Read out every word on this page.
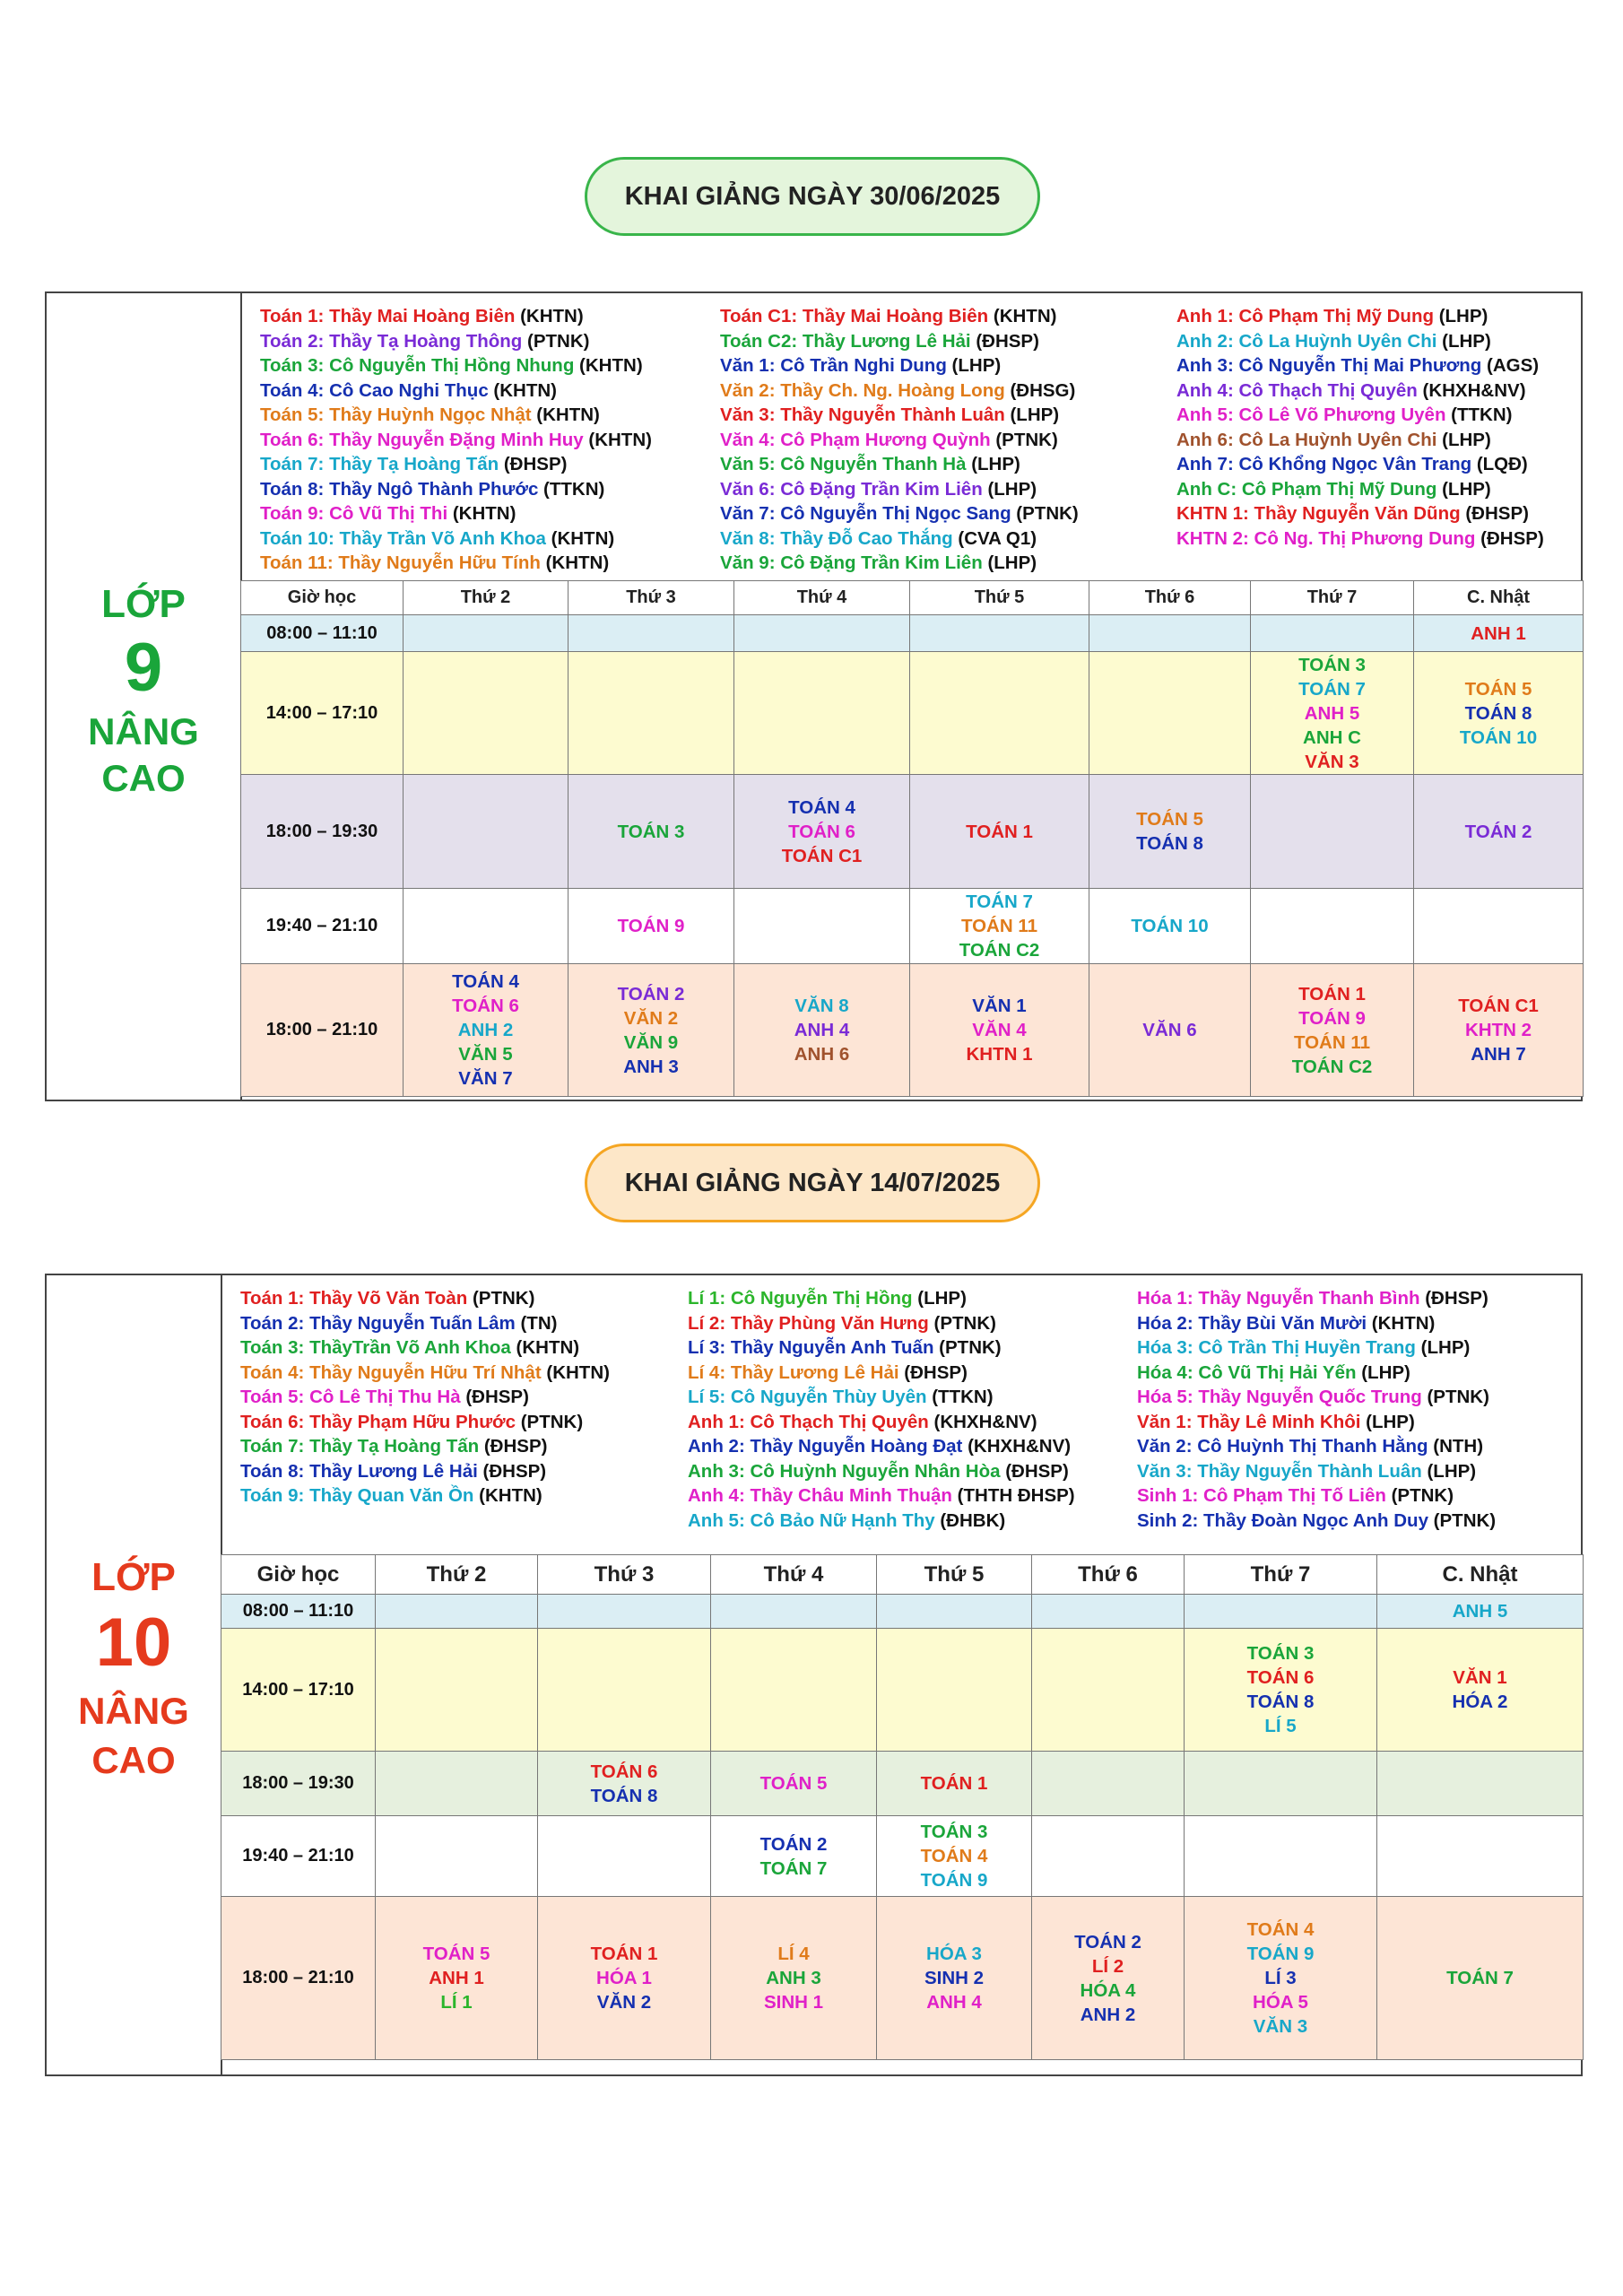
KHAI GIẢNG NGÀY 30/06/2025
LỚP
9
NÂNG
CAO
Toán 1: Thầy Mai Hoàng Biên (KHTN)
Toán 2: Thầy Tạ Hoàng Thông (PTNK)
Toán 3: Cô Nguyễn Thị Hồng Nhung (KHTN)
Toán 4: Cô Cao Nghi Thục (KHTN)
Toán 5: Thầy Huỳnh Ngọc Nhật (KHTN)
Toán 6: Thầy Nguyễn Đặng Minh Huy (KHTN)
Toán 7: Thầy Tạ Hoàng Tấn (ĐHSP)
Toán 8: Thầy Ngô Thành Phước (TTKN)
Toán 9: Cô Vũ Thị Thi (KHTN)
Toán 10: Thầy Trần Võ Anh Khoa (KHTN)
Toán 11: Thầy Nguyễn Hữu Tính (KHTN)
Toán C1: Thầy Mai Hoàng Biên (KHTN)
Toán C2: Thầy Lương Lê Hải (ĐHSP)
Văn 1: Cô Trần Nghi Dung (LHP)
Văn 2: Thầy Ch. Ng. Hoàng Long (ĐHSG)
Văn 3: Thầy Nguyễn Thành Luân (LHP)
Văn 4: Cô Phạm Hương Quỳnh (PTNK)
Văn 5: Cô Nguyễn Thanh Hà (LHP)
Văn 6: Cô Đặng Trần Kim Liên (LHP)
Văn 7: Cô Nguyễn Thị Ngọc Sang (PTNK)
Văn 8: Thầy Đỗ Cao Thắng (CVA Q1)
Văn 9: Cô Đặng Trần Kim Liên (LHP)
Anh 1: Cô Phạm Thị Mỹ Dung (LHP)
Anh 2: Cô La Huỳnh Uyên Chi (LHP)
Anh 3: Cô Nguyễn Thị Mai Phương (AGS)
Anh 4: Cô Thạch Thị Quyên (KHXH&NV)
Anh 5: Cô Lê Võ Phương Uyên (TTKN)
Anh 6: Cô La Huỳnh Uyên Chi (LHP)
Anh 7: Cô Khổng Ngọc Vân Trang (LQĐ)
Anh C: Cô Phạm Thị Mỹ Dung (LHP)
KHTN 1: Thầy Nguyễn Văn Dũng (ĐHSP)
KHTN 2: Cô Ng. Thị Phương Dung (ĐHSP)
Giờ học	Thứ 2	Thứ 3	Thứ 4	Thứ 5	Thứ 6	Thứ 7	C. Nhật
08:00 – 11:10							ANH 1

14:00 – 17:10						TOÁN 3
TOÁN 7
ANH 5
ANH C
VĂN 3	TOÁN 5
TOÁN 8
TOÁN 10

18:00 – 19:30		TOÁN 3	TOÁN 4
TOÁN 6
TOÁN C1	TOÁN 1	TOÁN 5
TOÁN 8		TOÁN 2

19:40 – 21:10		TOÁN 9		TOÁN 7
TOÁN 11
TOÁN C2	TOÁN 10		

18:00 – 21:10	TOÁN 4
TOÁN 6
ANH 2
VĂN 5
VĂN 7	TOÁN 2
VĂN 2
VĂN 9
ANH 3	VĂN 8
ANH 4
ANH 6	VĂN 1
VĂN 4
KHTN 1	VĂN 6	TOÁN 1
TOÁN 9
TOÁN 11
TOÁN C2	TOÁN C1
KHTN 2
ANH 7
KHAI GIẢNG NGÀY 14/07/2025
LỚP
10
NÂNG
CAO
Toán 1: Thầy Võ Văn Toàn (PTNK)
Toán 2: Thầy Nguyễn Tuấn Lâm (TN)
Toán 3: ThầyTrần Võ Anh Khoa (KHTN)
Toán 4: Thầy Nguyễn Hữu Trí Nhật (KHTN)
Toán 5: Cô Lê Thị Thu Hà (ĐHSP)
Toán 6: Thầy Phạm Hữu Phước (PTNK)
Toán 7: Thầy Tạ Hoàng Tấn (ĐHSP)
Toán 8: Thầy Lương Lê Hải (ĐHSP)
Toán 9: Thầy Quan Văn Ồn (KHTN)
Lí 1: Cô Nguyễn Thị Hồng (LHP)
Lí 2: Thầy Phùng Văn Hưng (PTNK)
Lí 3: Thầy Nguyễn Anh Tuấn (PTNK)
Lí 4: Thầy Lương Lê Hải (ĐHSP)
Lí 5: Cô Nguyễn Thùy Uyên (TTKN)
Anh 1: Cô Thạch Thị Quyên (KHXH&NV)
Anh 2: Thầy Nguyễn Hoàng Đạt (KHXH&NV)
Anh 3: Cô Huỳnh Nguyễn Nhân Hòa (ĐHSP)
Anh 4: Thầy Châu Minh Thuận (THTH ĐHSP)
Anh 5: Cô Bảo Nữ Hạnh Thy (ĐHBK)
Hóa 1: Thầy Nguyễn Thanh Bình (ĐHSP)
Hóa 2: Thầy Bùi Văn Mười (KHTN)
Hóa 3: Cô Trần Thị Huyền Trang (LHP)
Hóa 4: Cô Vũ Thị Hải Yến (LHP)
Hóa 5: Thầy Nguyễn Quốc Trung (PTNK)
Văn 1: Thầy Lê Minh Khôi (LHP)
Văn 2: Cô Huỳnh Thị Thanh Hằng (NTH)
Văn 3: Thầy Nguyễn Thành Luân (LHP)
Sinh 1: Cô Phạm Thị Tố Liên (PTNK)
Sinh 2: Thầy Đoàn Ngọc Anh Duy (PTNK)
Giờ học	Thứ 2	Thứ 3	Thứ 4	Thứ 5	Thứ 6	Thứ 7	C. Nhật
08:00 – 11:10							ANH 5

14:00 – 17:10						TOÁN 3
TOÁN 6
TOÁN 8
LÍ 5	VĂN 1
HÓA 2

18:00 – 19:30		TOÁN 6
TOÁN 8	TOÁN 5	TOÁN 1			

19:40 – 21:10			TOÁN 2
TOÁN 7	TOÁN 3
TOÁN 4
TOÁN 9			

18:00 – 21:10	TOÁN 5
ANH 1
LÍ 1	TOÁN 1
HÓA 1
VĂN 2	LÍ 4
ANH 3
SINH 1	HÓA 3
SINH 2
ANH 4	TOÁN 2
LÍ 2
HÓA 4
ANH 2	TOÁN 4
TOÁN 9
LÍ 3
HÓA 5
VĂN 3	TOÁN 7
